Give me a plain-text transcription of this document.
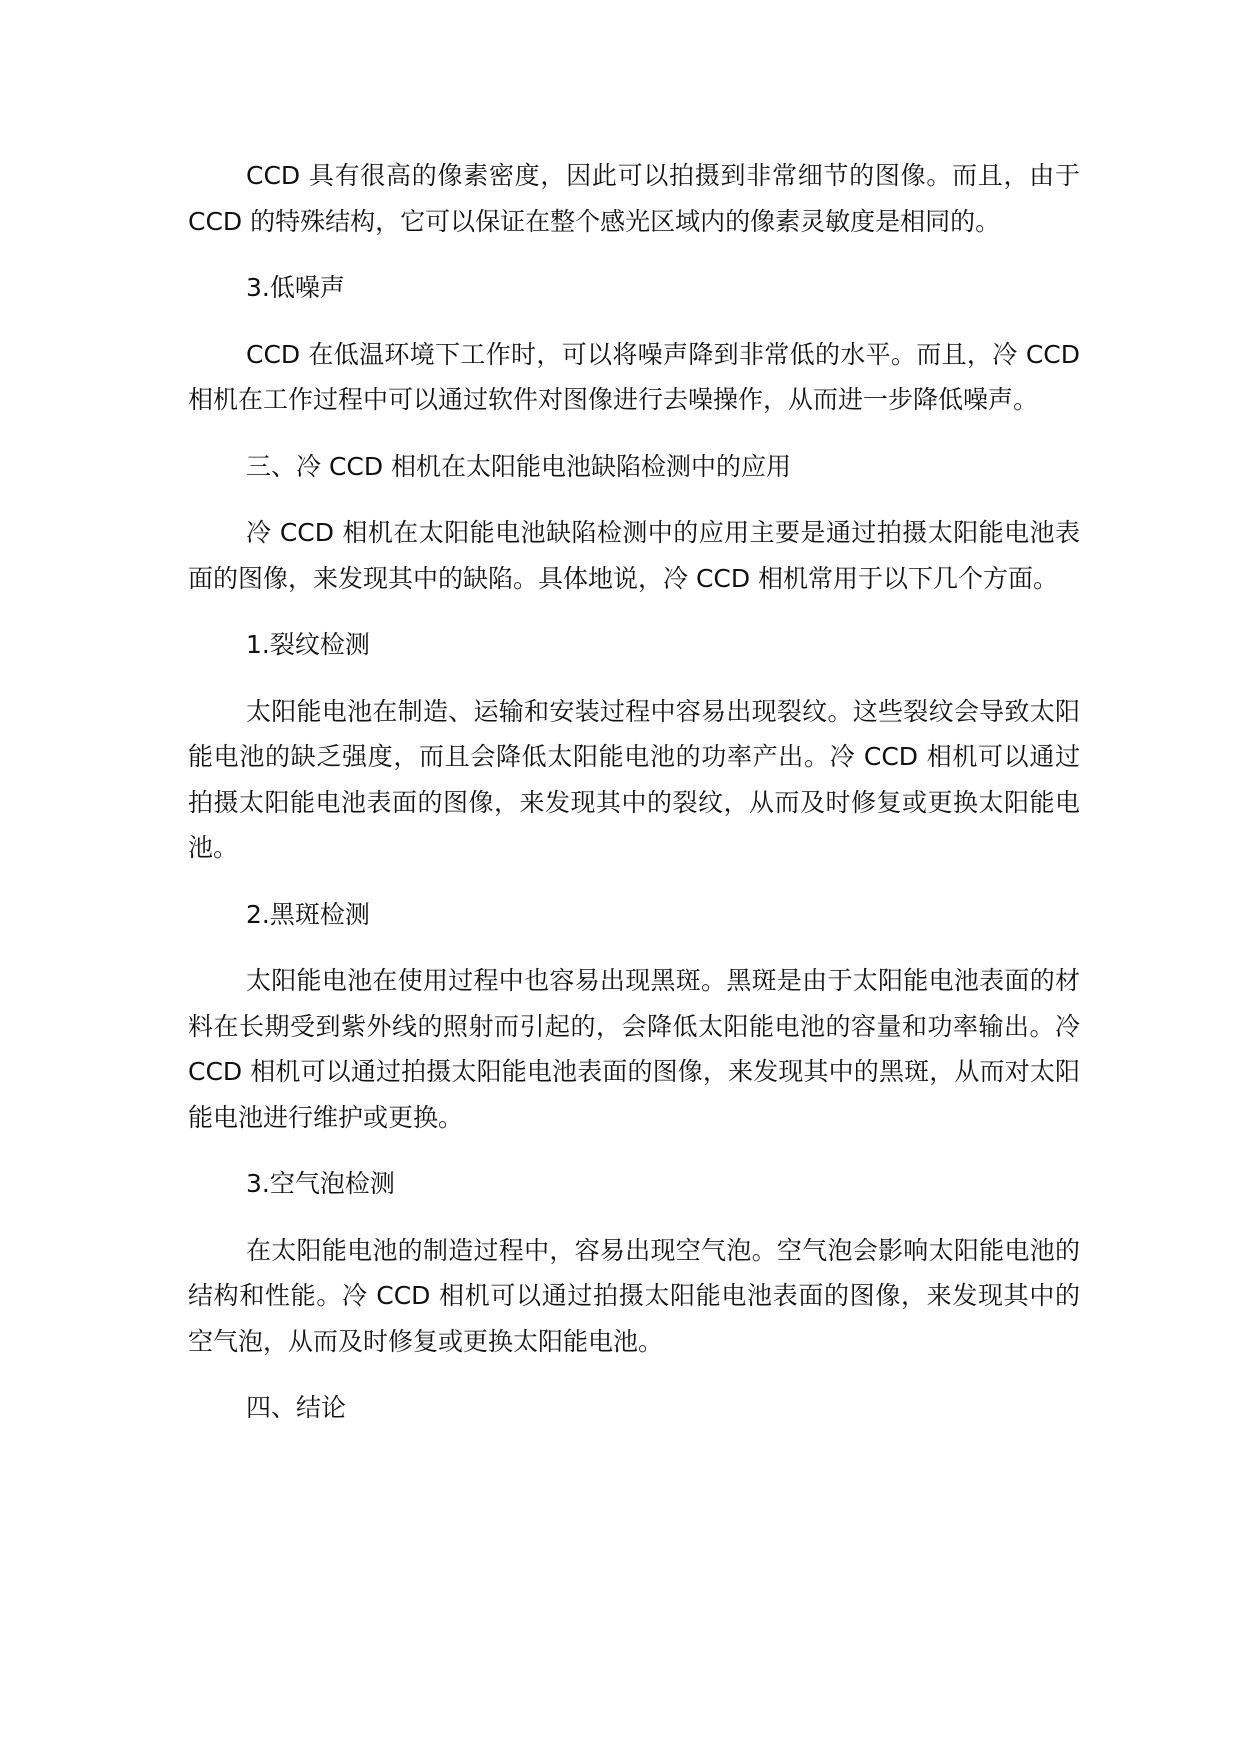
CCD 具有很高的像素密度，因此可以拍摄到非常细节的图像。而且，由于 CCD 的特殊结构，它可以保证在整个感光区域内的像素灵敏度是相同的。

3.低噪声

CCD 在低温环境下工作时，可以将噪声降到非常低的水平。而且，冷 CCD 相机在工作过程中可以通过软件对图像进行去噪操作，从而进一步降低噪声。

三、冷 CCD 相机在太阳能电池缺陷检测中的应用

冷 CCD 相机在太阳能电池缺陷检测中的应用主要是通过拍摄太阳能电池表面的图像，来发现其中的缺陷。具体地说，冷 CCD 相机常用于以下几个方面。

1.裂纹检测

太阳能电池在制造、运输和安装过程中容易出现裂纹。这些裂纹会导致太阳能电池的缺乏强度，而且会降低太阳能电池的功率产出。冷 CCD 相机可以通过拍摄太阳能电池表面的图像，来发现其中的裂纹，从而及时修复或更换太阳能电池。

2.黑斑检测

太阳能电池在使用过程中也容易出现黑斑。黑斑是由于太阳能电池表面的材料在长期受到紫外线的照射而引起的，会降低太阳能电池的容量和功率输出。冷 CCD 相机可以通过拍摄太阳能电池表面的图像，来发现其中的黑斑，从而对太阳能电池进行维护或更换。

3.空气泡检测

在太阳能电池的制造过程中，容易出现空气泡。空气泡会影响太阳能电池的结构和性能。冷 CCD 相机可以通过拍摄太阳能电池表面的图像，来发现其中的空气泡，从而及时修复或更换太阳能电池。

四、结论
